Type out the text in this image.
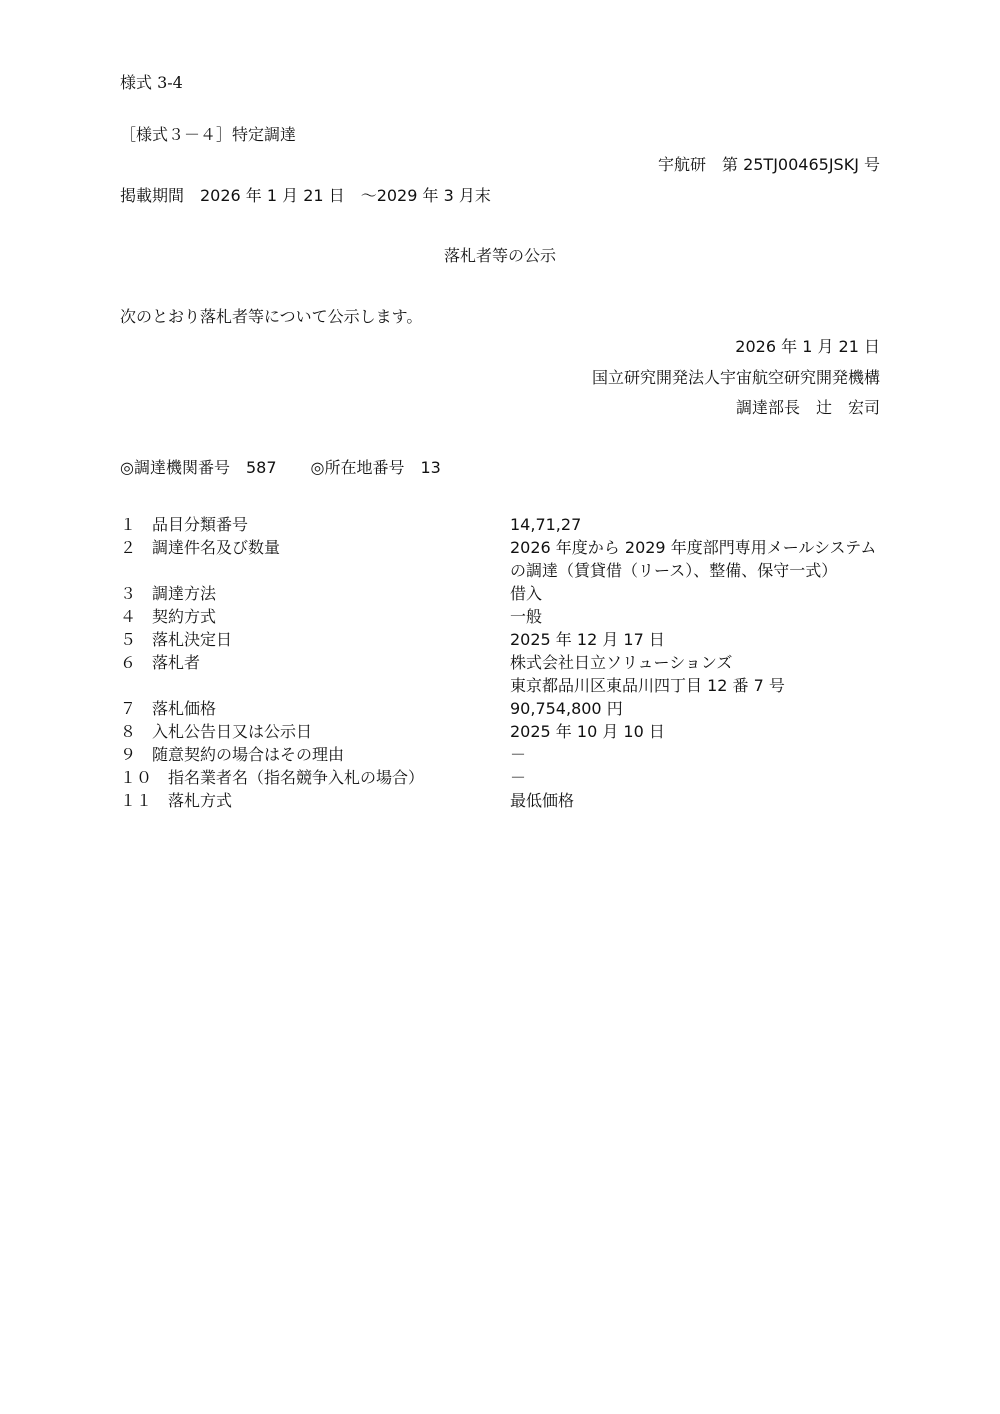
様式 3-4
［様式３－４］特定調達
宇航研　第 25TJ00465JSKJ 号
掲載期間　2026 年 1 月 21 日　～2029 年 3 月末
落札者等の公示
次のとおり落札者等について公示します。
2026 年 1 月 21 日
国立研究開発法人宇宙航空研究開発機構
調達部長　辻　宏司
◎調達機関番号　587 ◎所在地番号　13
１　品目分類番号	14,71,27
２　調達件名及び数量	2026 年度から 2029 年度部門専用メールシステム
の調達（賃貸借（リース）、整備、保守一式）
３　調達方法	借入
４　契約方式	一般
５　落札決定日	2025 年 12 月 17 日
６　落札者	株式会社日立ソリューションズ
東京都品川区東品川四丁目 12 番 7 号
７　落札価格	90,754,800 円
８　入札公告日又は公示日	2025 年 10 月 10 日
９　随意契約の場合はその理由	－
１０　指名業者名（指名競争入札の場合）	－
１１　落札方式	最低価格
